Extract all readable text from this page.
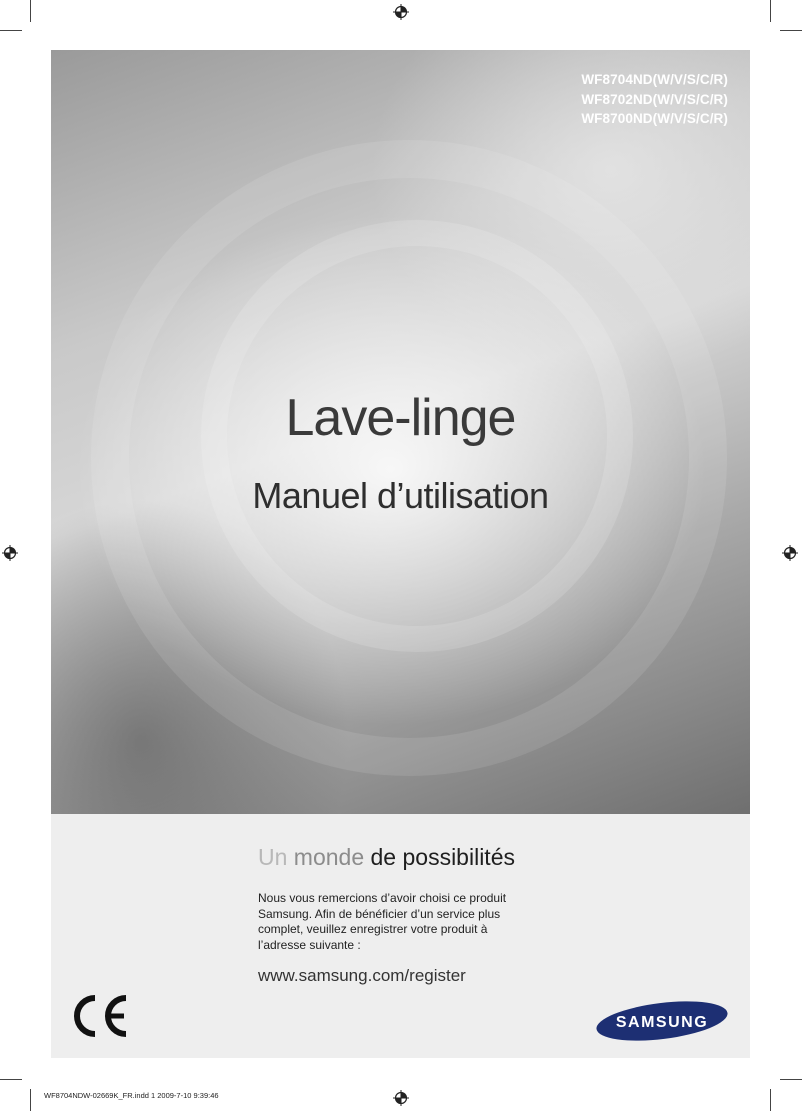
WF8704ND(W/V/S/C/R)
WF8702ND(W/V/S/C/R)
WF8700ND(W/V/S/C/R)
Lave-linge
Manuel d’utilisation
Un monde de possibilités
Nous vous remercions d’avoir choisi ce produit
Samsung. Afin de bénéficier d’un service plus
complet, veuillez enregistrer votre produit à
l’adresse suivante :
www.samsung.com/register
SAMSUNG
WF8704NDW-02669K_FR.indd 1 2009-7-10 9:39:46
